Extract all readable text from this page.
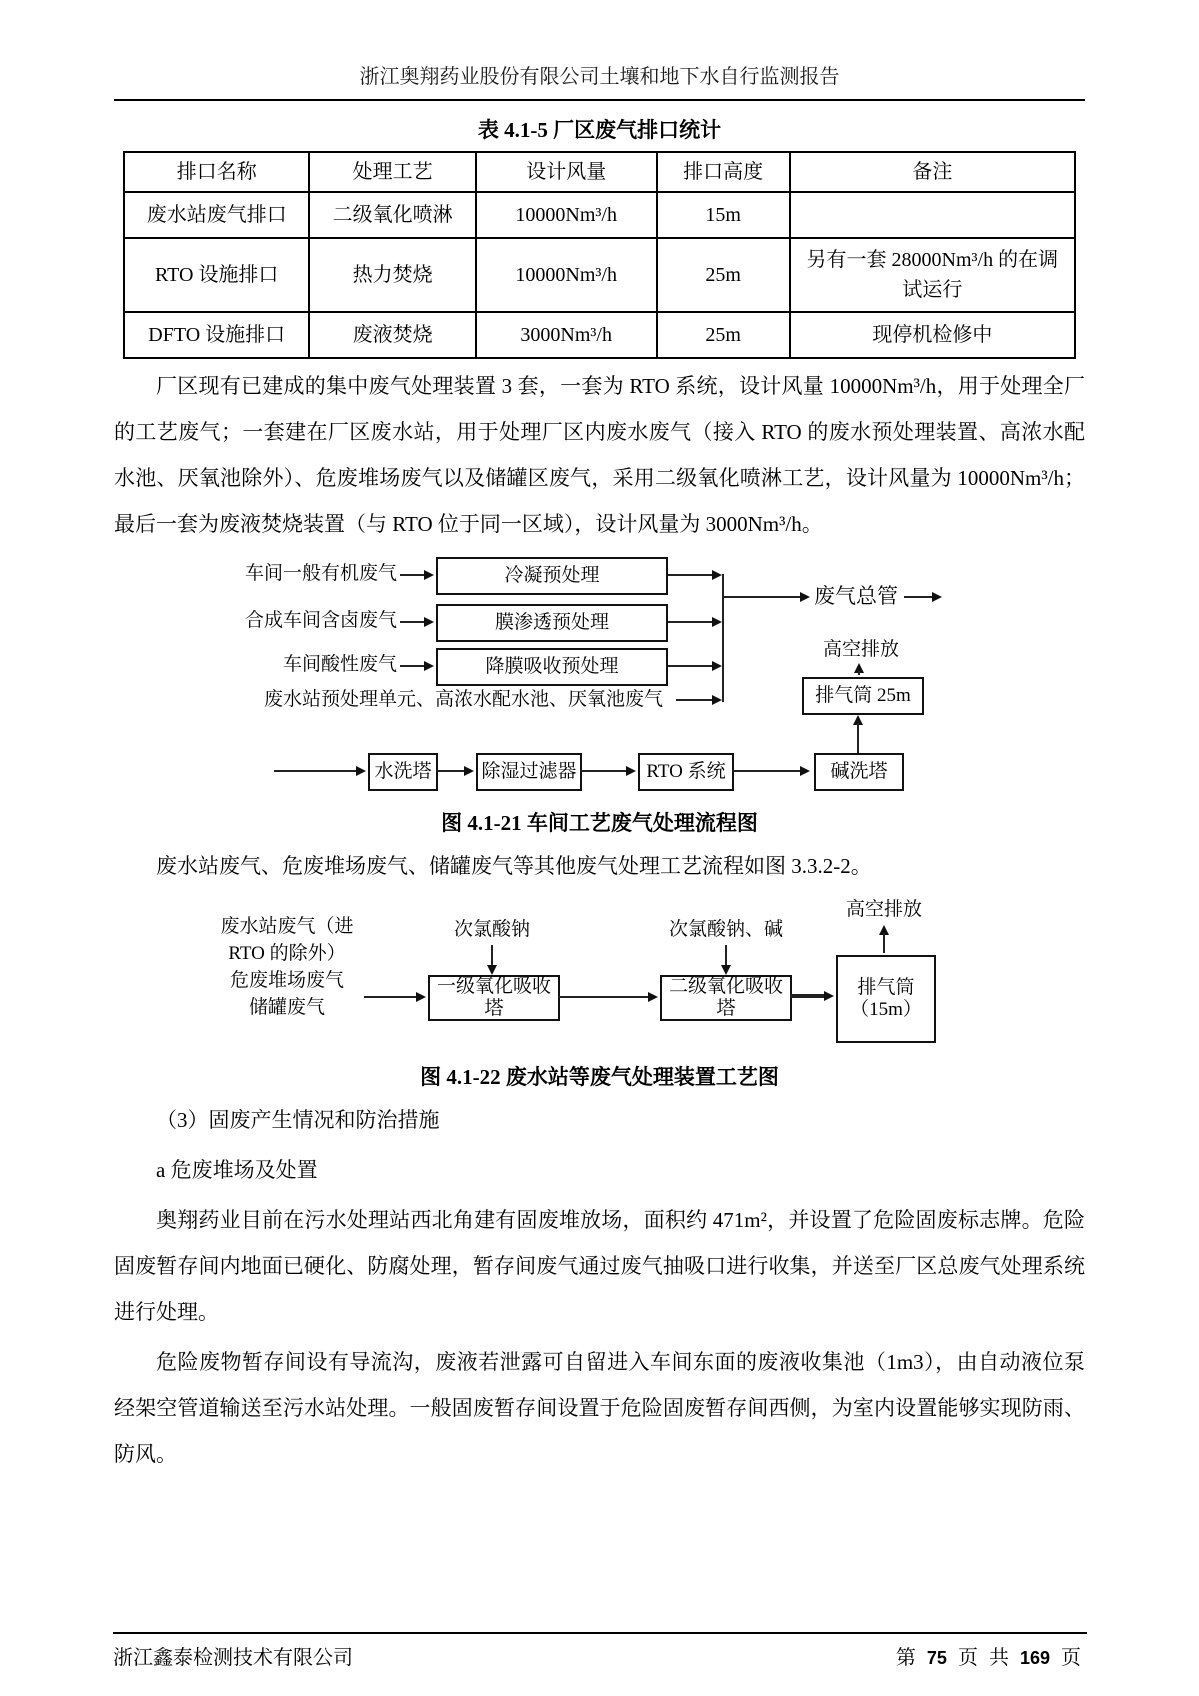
浙江奥翔药业股份有限公司土壤和地下水自行监测报告
表 4.1-5 厂区废气排口统计
排口名称	处理工艺	设计风量	排口高度	备注
废水站废气排口	二级氧化喷淋	10000Nm³/h	15m	
RTO 设施排口	热力焚烧	10000Nm³/h	25m	另有一套 28000Nm³/h 的在调试运行
DFTO 设施排口	废液焚烧	3000Nm³/h	25m	现停机检修中

厂区现有已建成的集中废气处理装置 3 套，一套为 RTO 系统，设计风量 10000Nm³/h，用于处理全厂的工艺废气；一套建在厂区废水站，用于处理厂区内废水废气（接入 RTO 的废水预处理装置、高浓水配水池、厌氧池除外）、危废堆场废气以及储罐区废气，采用二级氧化喷淋工艺，设计风量为 10000Nm³/h；最后一套为废液焚烧装置（与 RTO 位于同一区域），设计风量为 3000Nm³/h。

车间一般有机废气
合成车间含卤废气
车间酸性废气
废水站预处理单元、高浓水配水池、厌氧池废气
冷凝预处理
膜渗透预处理
降膜吸收预处理
废气总管
高空排放
排气筒 25m
水洗塔	除湿过滤器	RTO 系统	碱洗塔
图 4.1-21 车间工艺废气处理流程图

废水站废气、危废堆场废气、储罐废气等其他废气处理工艺流程如图 3.3.2-2。

废水站废气（进
RTO 的除外）
危废堆场废气
储罐废气
次氯酸钠	次氯酸钠、碱
一级氧化吸收塔
二级氧化吸收塔
排气筒
（15m）
高空排放
图 4.1-22 废水站等废气处理装置工艺图

（3）固废产生情况和防治措施

a 危废堆场及处置

奥翔药业目前在污水处理站西北角建有固废堆放场，面积约 471m²，并设置了危险固废标志牌。危险固废暂存间内地面已硬化、防腐处理，暂存间废气通过废气抽吸口进行收集，并送至厂区总废气处理系统进行处理。

危险废物暂存间设有导流沟，废液若泄露可自留进入车间东面的废液收集池（1m3），由自动液位泵经架空管道输送至污水站处理。一般固废暂存间设置于危险固废暂存间西侧，为室内设置能够实现防雨、防风。

浙江鑫泰检测技术有限公司	第 75 页 共 169 页
